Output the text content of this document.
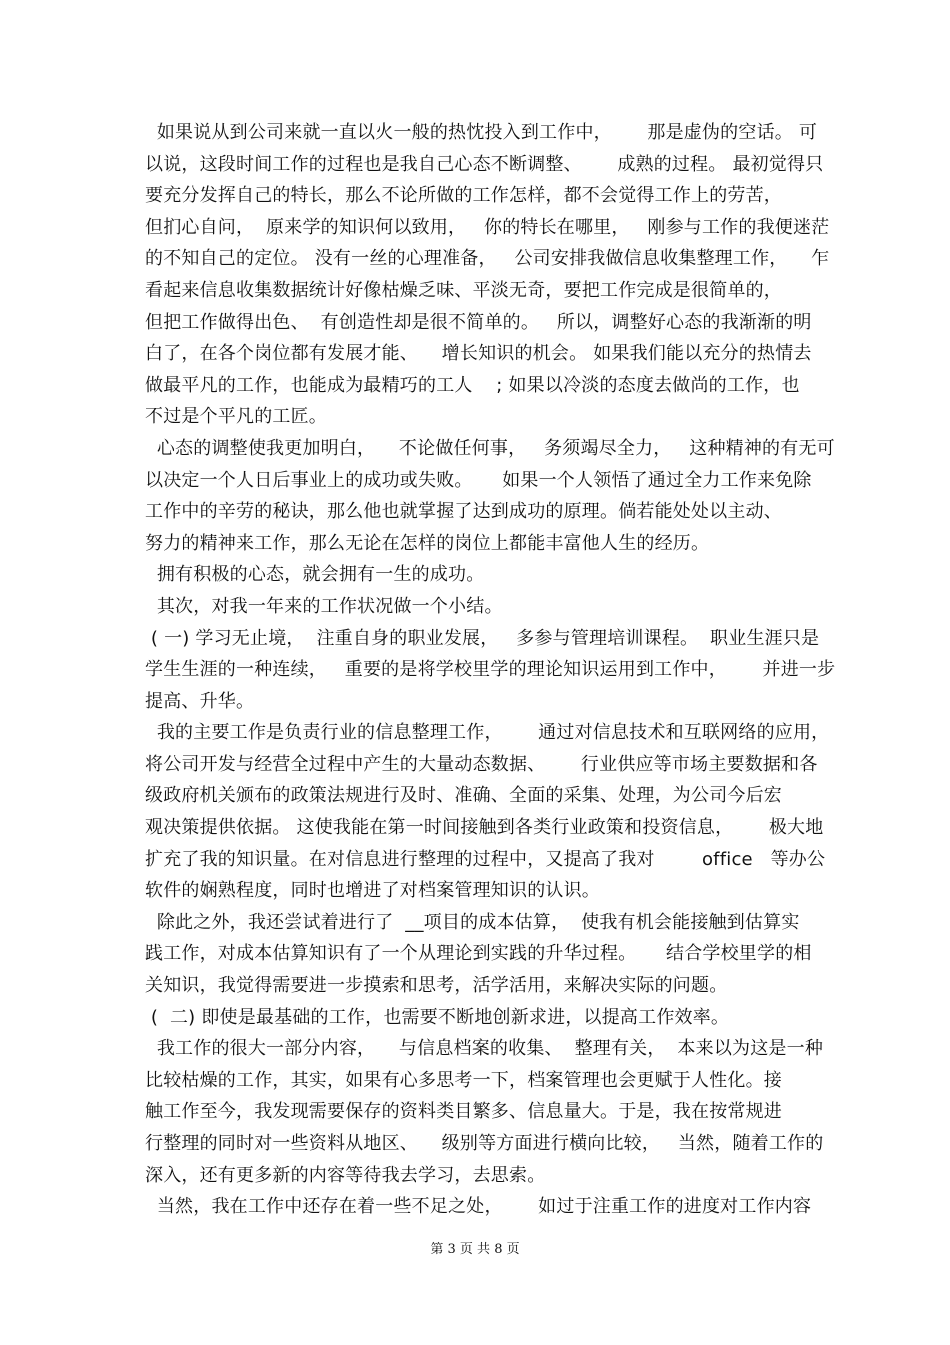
如果说从到公司来就一直以火一般的热忱投入到工作中，      那是虚伪的空话。 可
以说，这段时间工作的过程也是我自己心态不断调整、      成熟的过程。 最初觉得只
要充分发挥自己的特长，那么不论所做的工作怎样，都不会觉得工作上的劳苦，
但扪心自问，  原来学的知识何以致用，   你的特长在哪里，   刚参与工作的我便迷茫
的不知自己的定位。 没有一丝的心理准备，   公司安排我做信息收集整理工作，    乍
看起来信息收集数据统计好像枯燥乏味、平淡无奇，要把工作完成是很简单的，
但把工作做得出色、  有创造性却是很不简单的。   所以，调整好心态的我渐渐的明
白了，在各个岗位都有发展才能、    增长知识的机会。 如果我们能以充分的热情去
做最平凡的工作，也能成为最精巧的工人    ; 如果以冷淡的态度去做尚的工作，也
不过是个平凡的工匠。
心态的调整使我更加明白，    不论做任何事，   务须竭尽全力，   这种精神的有无可
以决定一个人日后事业上的成功或失败。     如果一个人领悟了通过全力工作来免除
工作中的辛劳的秘诀，那么他也就掌握了达到成功的原理。倘若能处处以主动、
努力的精神来工作，那么无论在怎样的岗位上都能丰富他人生的经历。
拥有积极的心态，就会拥有一生的成功。
其次，对我一年来的工作状况做一个小结。
( 一) 学习无止境，  注重自身的职业发展，   多参与管理培训课程。  职业生涯只是
学生生涯的一种连续，   重要的是将学校里学的理论知识运用到工作中，      并进一步
提高、升华。
我的主要工作是负责行业的信息整理工作，      通过对信息技术和互联网络的应用，
将公司开发与经营全过程中产生的大量动态数据、      行业供应等市场主要数据和各
级政府机关颁布的政策法规进行及时、准确、全面的采集、处理，为公司今后宏
观决策提供依据。 这使我能在第一时间接触到各类行业政策和投资信息，      极大地
扩充了我的知识量。在对信息进行整理的过程中，又提高了我对        office   等办公
软件的娴熟程度，同时也增进了对档案管理知识的认识。
除此之外，我还尝试着进行了  __项目的成本估算，  使我有机会能接触到估算实
践工作，对成本估算知识有了一个从理论到实践的升华过程。     结合学校里学的相
关知识，我觉得需要进一步摸索和思考，活学活用，来解决实际的问题。
(  二) 即使是最基础的工作，也需要不断地创新求进，以提高工作效率。
我工作的很大一部分内容，    与信息档案的收集、  整理有关，  本来以为这是一种
比较枯燥的工作，其实，如果有心多思考一下，档案管理也会更赋于人性化。接
触工作至今，我发现需要保存的资料类目繁多、信息量大。于是，我在按常规进
行整理的同时对一些资料从地区、    级别等方面进行横向比较，   当然，随着工作的
深入，还有更多新的内容等待我去学习，去思索。
当然，我在工作中还存在着一些不足之处，      如过于注重工作的进度对工作内容
第 3 页 共 8 页
